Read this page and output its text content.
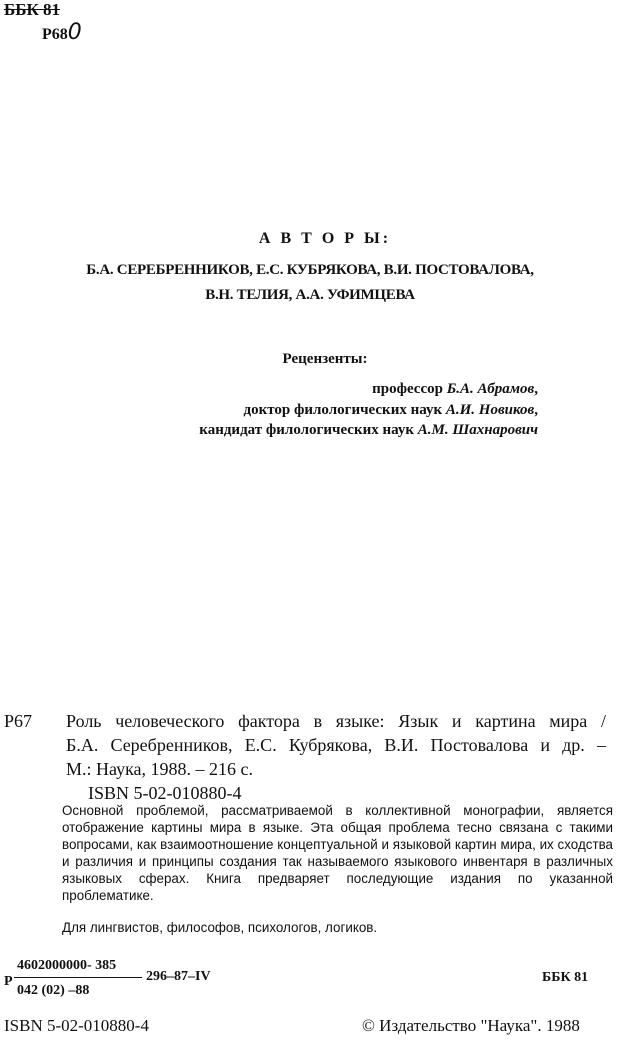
ББК 81
Р680
А В Т О Р Ы:
Б.А. СЕРЕБРЕННИКОВ, Е.С. КУБРЯКОВА, В.И. ПОСТОВАЛОВА,
В.Н. ТЕЛИЯ, А.А. УФИМЦЕВА
Рецензенты:
профессор Б.А. Абрамов,
доктор филологических наук А.И. Новиков,
кандидат филологических наук А.М. Шахнарович
Р67 Роль человеческого фактора в языке: Язык и картина мира /
Б.А. Серебренников, Е.С. Кубрякова, В.И. Постовалова и др. –
М.: Наука, 1988. – 216 с.
ISBN 5-02-010880-4
Основной проблемой, рассматриваемой в коллективной монографии, является отображение картины мира в языке. Эта общая проблема тесно связана с такими вопросами, как взаимоотношение концептуальной и языковой картин мира, их сходства и различия и принципы создания так называемого языкового инвентаря в различных языковых сферах. Книга предваряет последующие издания по указанной проблематике.
Для лингвистов, философов, психологов, логиков.
Р
4602000000- 385
042 (02) –88
296–87–IV	ББК 81
ISBN 5-02-010880-4	© Издательство "Наука". 1988
